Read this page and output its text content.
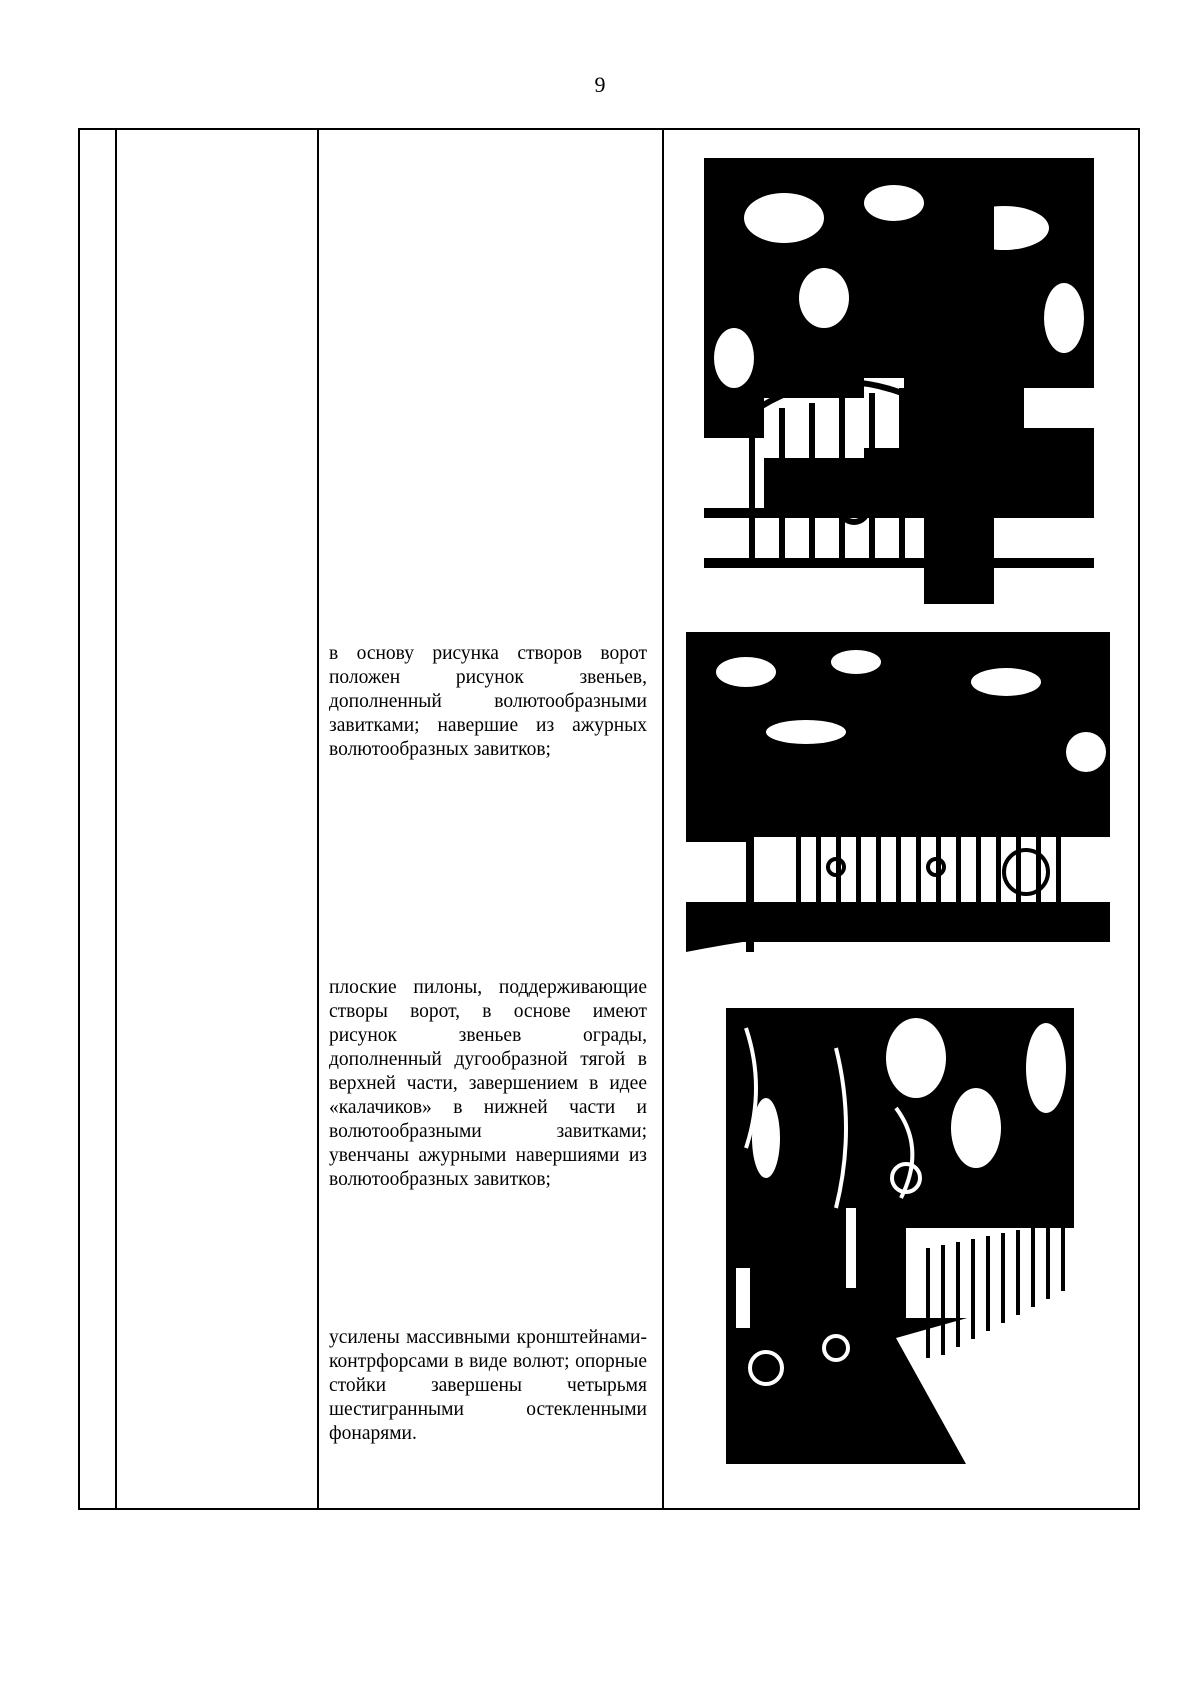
9

в основу рисунка створов ворот положен рисунок звеньев, дополненный волютообразными завитками; навершие из ажурных волютообразных завитков;
плоские пилоны, поддерживающие створы ворот, в основе имеют рисунок звеньев ограды, дополненный дугообразной тягой в верхней части, завершением в идее «калачиков» в нижней части и волютообразными завитками; увенчаны ажурными навершиями из волютообразных завитков;
усилены массивными кронштейнами-контрфорсами в виде волют; опорные стойки завершены четырьмя шестигранными остекленными фонарями.
